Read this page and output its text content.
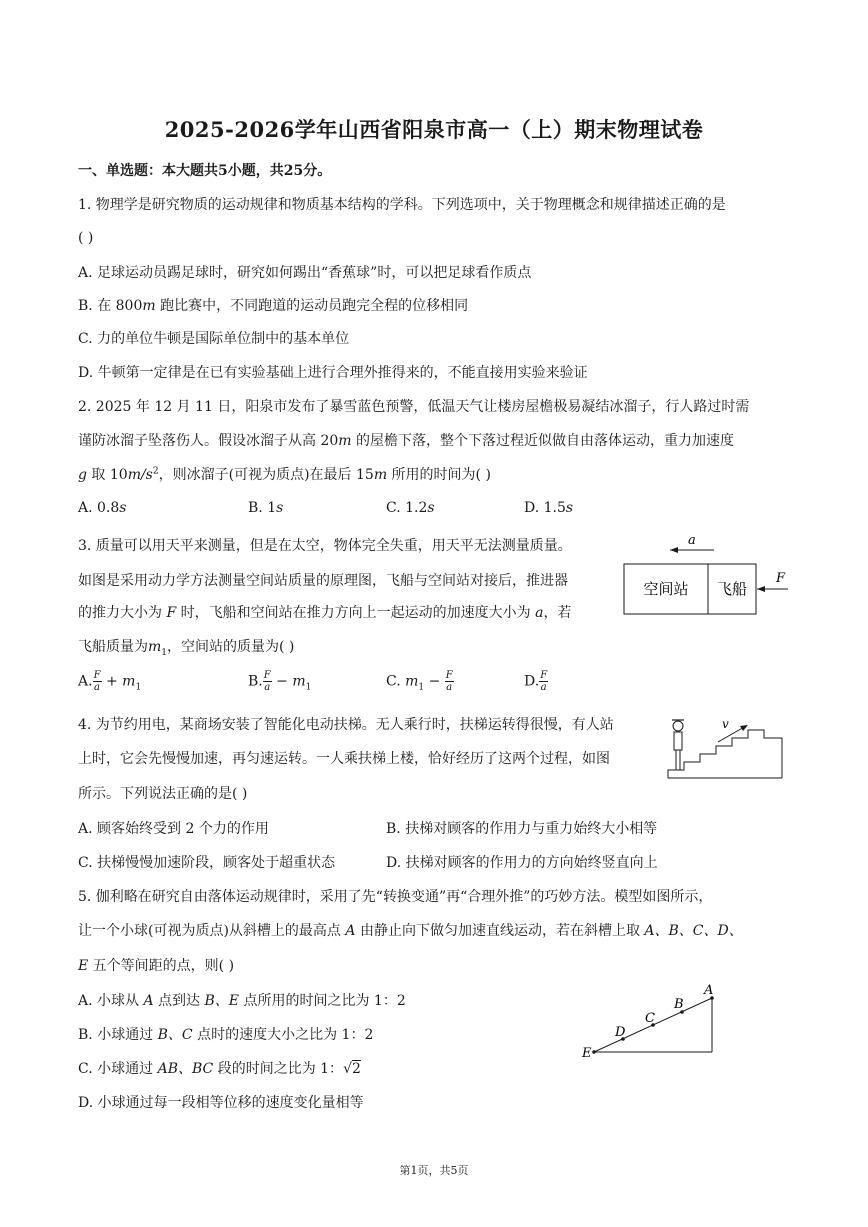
2025-2026学年山西省阳泉市高一（上）期末物理试卷
一、单选题：本大题共5小题，共25分。
1. 物理学是研究物质的运动规律和物质基本结构的学科。下列选项中，关于物理概念和规律描述正确的是
( )
A. 足球运动员踢足球时，研究如何踢出“香蕉球”时，可以把足球看作质点
B. 在 800m 跑比赛中，不同跑道的运动员跑完全程的位移相同
C. 力的单位牛顿是国际单位制中的基本单位
D. 牛顿第一定律是在已有实验基础上进行合理外推得来的，不能直接用实验来验证
2. 2025 年 12 月 11 日，阳泉市发布了暴雪蓝色预警，低温天气让楼房屋檐极易凝结冰溜子，行人路过时需
谨防冰溜子坠落伤人。假设冰溜子从高 20m 的屋檐下落，整个下落过程近似做自由落体运动，重力加速度
g 取 $10m/s^2$，则冰溜子(可视为质点)在最后 15m 所用的时间为( )
A. 0.8s	B. 1s	C. 1.2s	D. 1.5s
3. 质量可以用天平来测量，但是在太空，物体完全失重，用天平无法测量质量。
如图是采用动力学方法测量空间站质量的原理图，飞船与空间站对接后，推进器
的推力大小为 F 时，飞船和空间站在推力方向上一起运动的加速度大小为 a，若
飞船质量为$m_1$，空间站的质量为( )
A. $\frac{F}{a} + m_1$	B. $\frac{F}{a} - m_1$	C. $m_1 - \frac{F}{a}$	D. $\frac{F}{a}$
a
空间站 飞船
F
4. 为节约用电，某商场安装了智能化电动扶梯。无人乘行时，扶梯运转得很慢，有人站
上时，它会先慢慢加速，再匀速运转。一人乘扶梯上楼，恰好经历了这两个过程，如图
所示。下列说法正确的是( )
A. 顾客始终受到 2 个力的作用	B. 扶梯对顾客的作用力与重力始终大小相等
C. 扶梯慢慢加速阶段，顾客处于超重状态	D. 扶梯对顾客的作用力的方向始终竖直向上
v
5. 伽利略在研究自由落体运动规律时，采用了先“转换变通”再“合理外推”的巧妙方法。模型如图所示，
让一个小球(可视为质点)从斜槽上的最高点 A 由静止向下做匀加速直线运动，若在斜槽上取 A、B、C、D、
E 五个等间距的点，则( )
A. 小球从 A 点到达 B、E 点所用的时间之比为 1：2
B. 小球通过 B、C 点时的速度大小之比为 1：2
C. 小球通过 AB、BC 段的时间之比为 1：√2
D. 小球通过每一段相等位移的速度变化量相等
A
B
C
D
E
第1页，共5页
